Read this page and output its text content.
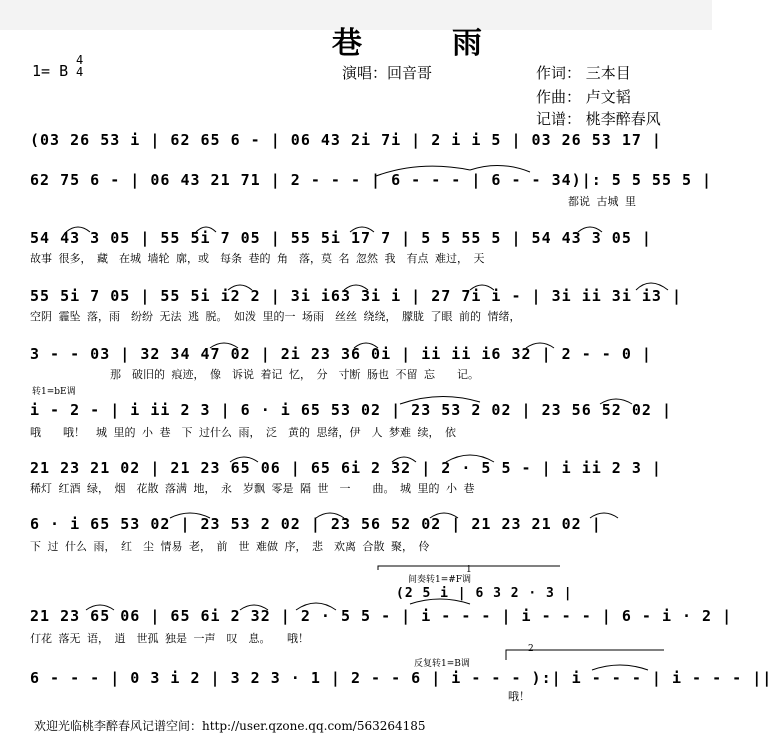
巷　雨
1= B
4
4	演唱：回音哥	作词： 三本目
作曲： 卢文韬
记谱： 桃李醉春风
(03 26 53 i | 62 65 6 - | 06 43 2i 7i | 2 i i 5 | 03 26 53 17 |
62 75 6 - | 06 43 21 71 | 2 - - - | 6 - - - | 6 - - 34)|: 5 5 55 5 |
都说 古城 里
54 43 3 05 | 55 5i 7 05 | 55 5i 17 7 | 5 5 55 5 | 54 43 3 05 |
故事 很多，　藏　在城 墙轮 廓，或　每条 巷的 角　落，莫 名 忽然 我　有点 难过，　天
55 5i 7 05 | 55 5i i2 2 | 3i i63 3i i | 27 7i i - | 3i ii 3i i3 |
空阴 霾坠 落，雨　纷纷 无法 逃 脱。 如泼 里的一 场雨　丝丝 绕绕，　朦胧 了眼 前的 情绪，
3 - - 03 | 32 34 47 02 | 2i 23 36 0i | ii ii i6 32 | 2 - - 0 |
那　破旧的 痕迹，　像　诉说 着记 忆，　分　寸断 肠也 不留 忘　　记。
转1=bE调
i - 2 - | i ii 2 3 | 6 · i 65 53 02 | 23 53 2 02 | 23 56 52 02 |
哦　　哦！　城 里的 小 巷　下 过什么 雨，　泛　黄的 思绪，伊　人 梦难 续，　依
21 23 21 02 | 21 23 65 06 | 65 6i 2 32 | 2 · 5 5 - | i ii 2 3 |
稀灯 红酒 绿，　烟　花散 落满 地，　永　岁飘 零是 隔 世　一　　曲。　城 里的 小 巷
6 · i 65 53 02 | 23 53 2 02 | 23 56 52 02 | 21 23 21 02 |
下 过 什么 雨，　红　尘 情易 老，　前　世 难做 序，　悲　欢离 合散 聚，　伶
1
间奏转1=#F调
(2 5 i | 6 3 2 · 3 |
21 23 65 06 | 65 6i 2 32 | 2 · 5 5 - | i - - - | i - - - | 6 - i · 2 |
仃花 落无 语，　逍　世孤 独是 一声　叹　息。　　哦！
2
反复转1=B调
6 - - - | 0 3 i 2 | 3 2 3 · 1 | 2 - - 6 | i - - - ):| i - - - | i - - - ||
哦！
欢迎光临桃李醉春风记谱空间：http://user.qzone.qq.com/563264185
